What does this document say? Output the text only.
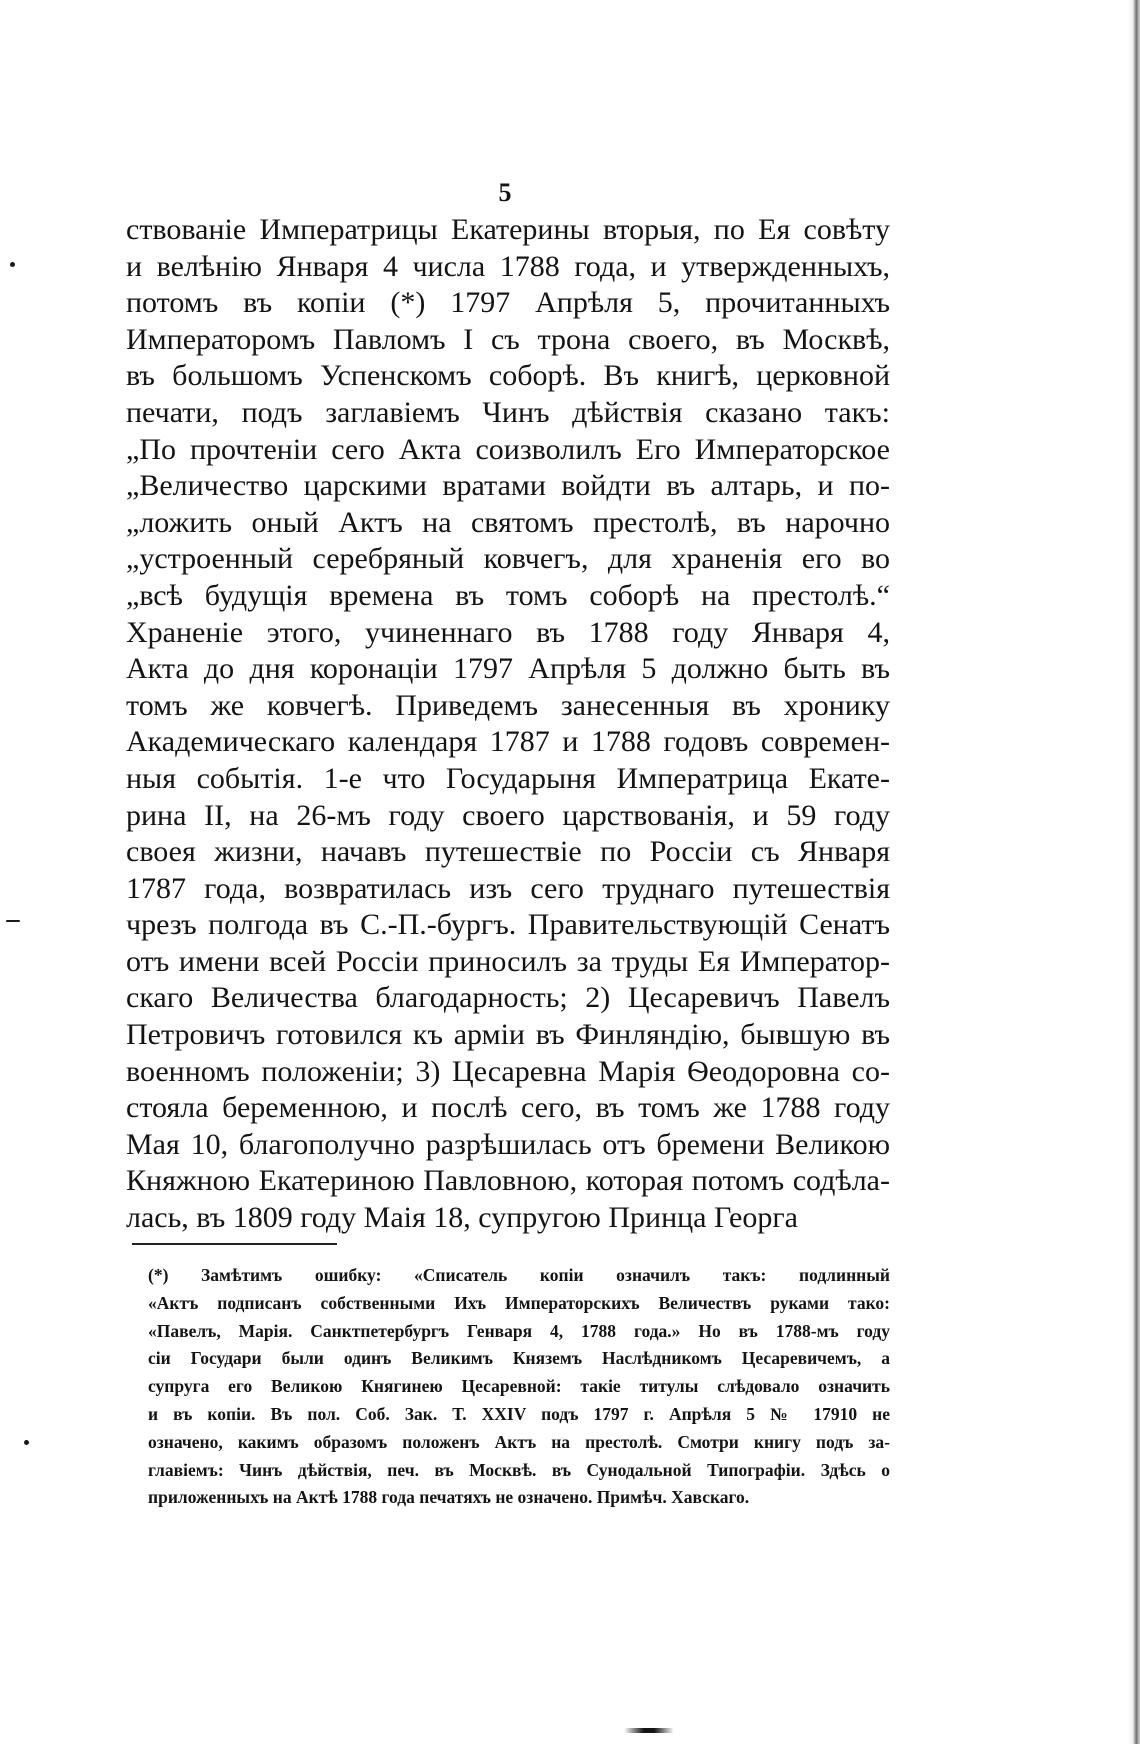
5
ствованіе Императрицы Екатерины вторыя, по Ея совѣту
и велѣнію Января 4 числа 1788 года, и утвержденныхъ,
потомъ въ копіи (*) 1797 Апрѣля 5, прочитанныхъ
Императоромъ Павломъ I съ трона своего, въ Москвѣ,
въ большомъ Успенскомъ соборѣ. Въ книгѣ, церковной
печати, подъ заглавіемъ Чинъ дѣйствія сказано такъ:
„По прочтеніи сего Акта соизволилъ Его Императорское
„Величество царскими вратами войдти въ алтарь, и по-
„ложить оный Актъ на святомъ престолѣ, въ нарочно
„устроенный серебряный ковчегъ, для храненія его во
„всѣ будущія времена въ томъ соборѣ на престолѣ.“
Храненіе этого, учиненнаго въ 1788 году Января 4,
Акта до дня коронаціи 1797 Апрѣля 5 должно быть въ
томъ же ковчегѣ. Приведемъ занесенныя въ хронику
Академическаго календаря 1787 и 1788 годовъ современ-
ныя событія. 1-е что Государыня Императрица Екате-
рина II, на 26-мъ году своего царствованія, и 59 году
своея жизни, начавъ путешествіе по Россіи съ Января
1787 года, возвратилась изъ сего труднаго путешествія
чрезъ полгода въ С.-П.-бургъ. Правительствующій Сенатъ
отъ имени всей Россіи приносилъ за труды Ея Император-
скаго Величества благодарность; 2) Цесаревичъ Павелъ
Петровичъ готовился къ арміи въ Финляндію, бывшую въ
военномъ положеніи; 3) Цесаревна Марія Ѳеодоровна со-
стояла беременною, и послѣ сего, въ томъ же 1788 году
Мая 10, благополучно разрѣшилась отъ бремени Великою
Княжною Екатериною Павловною, которая потомъ содѣла-
лась, въ 1809 году Маія 18, супругою Принца Георга
(*) Замѣтимъ ошибку: «Списатель копіи означилъ такъ: подлинный
«Актъ подписанъ собственными Ихъ Императорскихъ Величествъ руками тако:
«Павелъ, Марія. Санктпетербургъ Генваря 4, 1788 года.» Но въ 1788-мъ году
сіи Государи были одинъ Великимъ Княземъ Наслѣдникомъ Цесаревичемъ, а
супруга его Великою Княгинею Цесаревной: такіе титулы слѣдовало означить
и въ копіи. Въ пол. Соб. Зак. Т. XXIV подъ 1797 г. Апрѣля 5 № 17910 не
означено, какимъ образомъ положенъ Актъ на престолѣ. Смотри книгу подъ за-
главіемъ: Чинъ дѣйствія, печ. въ Москвѣ. въ Сунодальной Типографіи. Здѣсь о
приложенныхъ на Актѣ 1788 года печатяхъ не означено. Примѣч. Хавскаго.
